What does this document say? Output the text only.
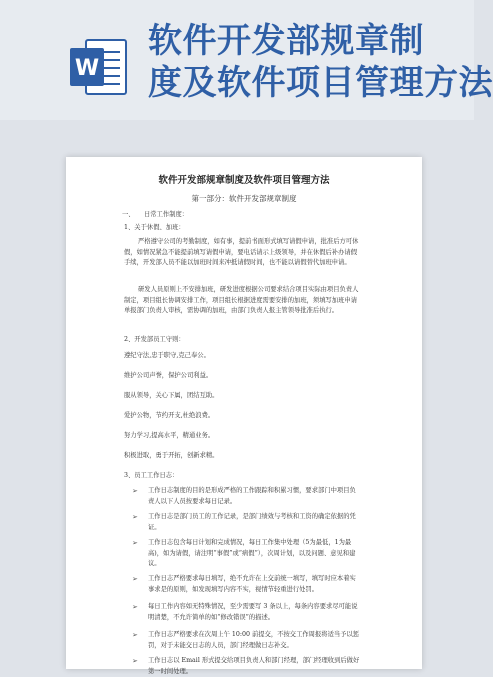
W
软件开发部规章制
度及软件项目管理方法
软件开发部规章制度及软件项目管理方法
第一部分：软件开发部规章制度
一、 日常工作制度：
1、关于休假、加班：
严格遵守公司的考勤制度，如有事，提前书面形式填写请假申请，批准后方可休假，如情况紧急不能提前填写请假申请，要电话请示上级领导，并在休假后补办请假手续，开发部人员不能以加班时间来冲抵请假时间，也不能以请假替代加班申请。
研发人员原则上不安排加班，研发进度根据公司要求结合项目实际由项目负责人制定，项目组长协调安排工作，项目组长根据进度需要安排的加班，须填写加班申请单报部门负责人审核，需协调的加班，由部门负责人报主管领导批准后执行。
2、开发部员工守则：
遵纪守法,忠于职守,克己奉公。
维护公司声誉，保护公司利益。
服从领导，关心下属，团结互助。
爱护公物，节约开支,杜绝浪费。
努力学习,提高水平，精通业务。
积极进取，勇于开拓，创新求精。
3、员工工作日志：
➢ 工作日志制度的目的是形成严格的工作跟踪和积累习惯，要求部门中项目负责人以下人员按要求每日记录。
➢ 工作日志是部门员工的工作记录，是部门绩效与考核和工资的确定依据的凭证。
➢ 工作日志包含每日计划和完成情况，每日工作集中处理（5为最低，1为最高)，如为请假，请注明“事假”或“病假”），次周计划，以及问题、意见和建议。
➢ 工作日志严格要求每日填写，绝不允许在上交前统一填写，填写时应本着实事求是的原则，如发现填写内容不实，视情节轻重进行处罚。
➢ 每日工作内容如无特殊情况，至少需要写 3 条以上，每条内容要求尽可能说明清楚，不允许简单的如“修改错误”的描述。
➢ 工作日志严格要求在次周上午 10:00 前提交，不按交工作周报将适当予以惩罚，对于未能交日志的人员，部门经理做日志补交。
➢ 工作日志以 Email 形式提交给项目负责人和部门经理，部门经理收到后做好第一时间处理。
